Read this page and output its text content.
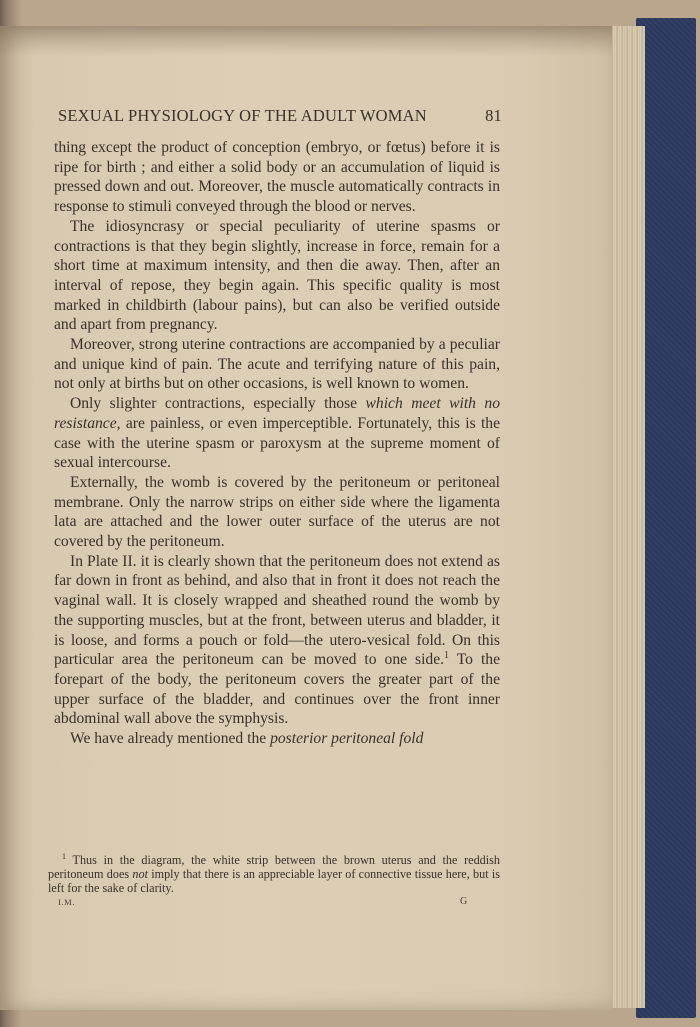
SEXUAL PHYSIOLOGY OF THE ADULT WOMAN	81

thing except the product of conception (embryo, or fœtus) before it is ripe for birth ; and either a solid body or an accumulation of liquid is pressed down and out. Moreover, the muscle automatically contracts in response to stimuli conveyed through the blood or nerves.

The idiosyncrasy or special peculiarity of uterine spasms or contractions is that they begin slightly, increase in force, remain for a short time at maximum intensity, and then die away. Then, after an interval of repose, they begin again. This specific quality is most marked in childbirth (labour pains), but can also be verified outside and apart from pregnancy.

Moreover, strong uterine contractions are accompanied by a peculiar and unique kind of pain. The acute and terrifying nature of this pain, not only at births but on other occasions, is well known to women.

Only slighter contractions, especially those which meet with no resistance, are painless, or even imperceptible. Fortunately, this is the case with the uterine spasm or paroxysm at the supreme moment of sexual intercourse.

Externally, the womb is covered by the peritoneum or peritoneal membrane. Only the narrow strips on either side where the ligamenta lata are attached and the lower outer surface of the uterus are not covered by the peritoneum.

In Plate II. it is clearly shown that the peritoneum does not extend as far down in front as behind, and also that in front it does not reach the vaginal wall. It is closely wrapped and sheathed round the womb by the supporting muscles, but at the front, between uterus and bladder, it is loose, and forms a pouch or fold—the utero-vesical fold. On this particular area the peritoneum can be moved to one side.$^1$ To the forepart of the body, the peritoneum covers the greater part of the upper surface of the bladder, and continues over the front inner abdominal wall above the symphysis.

We have already mentioned the posterior peritoneal fold

$^1$ Thus in the diagram, the white strip between the brown uterus and the reddish peritoneum does not imply that there is an appreciable layer of connective tissue here, but is left for the sake of clarity.
I.M.	G
